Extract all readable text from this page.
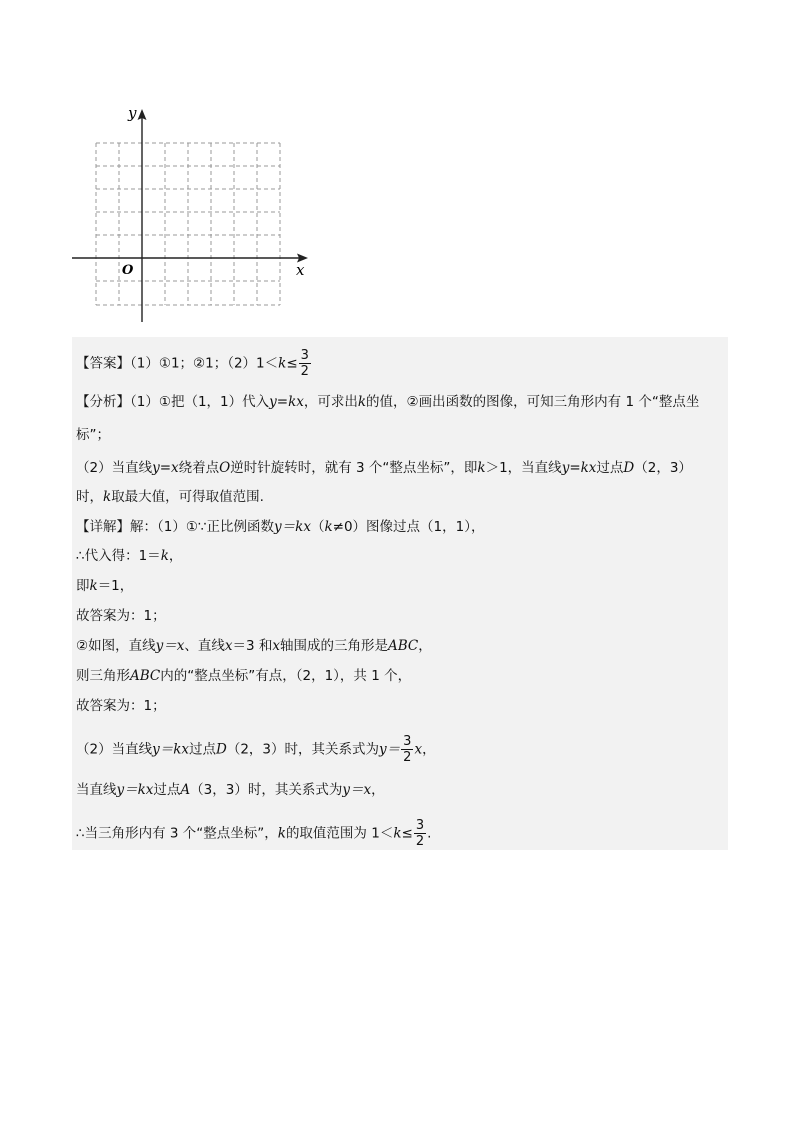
x
y
O
【答案】（1）①1；②1；$(2)1<k\le \frac{3}{2}$
【分析】（1）①把（1，1）代入y=kx，可求出k的值，②画出函数的图像，可知三角形内有 1 个“整点坐
标”；
（2）当直线y=x绕着点O逆时针旋转时，就有 3 个“整点坐标”，即k＞1，当直线y=kx过点D（2，3）
时，k取最大值，可得取值范围.
【详解】解：（1）①∵正比例函数y＝kx（k≠0）图像过点（1，1），
∴代入得：1＝k，
即k＝1，
故答案为：1；
②如图，直线y＝x、直线x＝3 和x轴围成的三角形是ABC，
则三角形ABC内的“整点坐标”有点，（2，1），共 1 个，
故答案为：1；
（2）当直线y＝kx过点D（2，3）时，其关系式为$y= \frac{3}{2}$ x，
当直线y＝kx过点A（3，3）时，其关系式为y＝x，
∴当三角形内有 3 个“整点坐标”，k的取值范围为 $1<k\le \frac{3}{2}$ .
